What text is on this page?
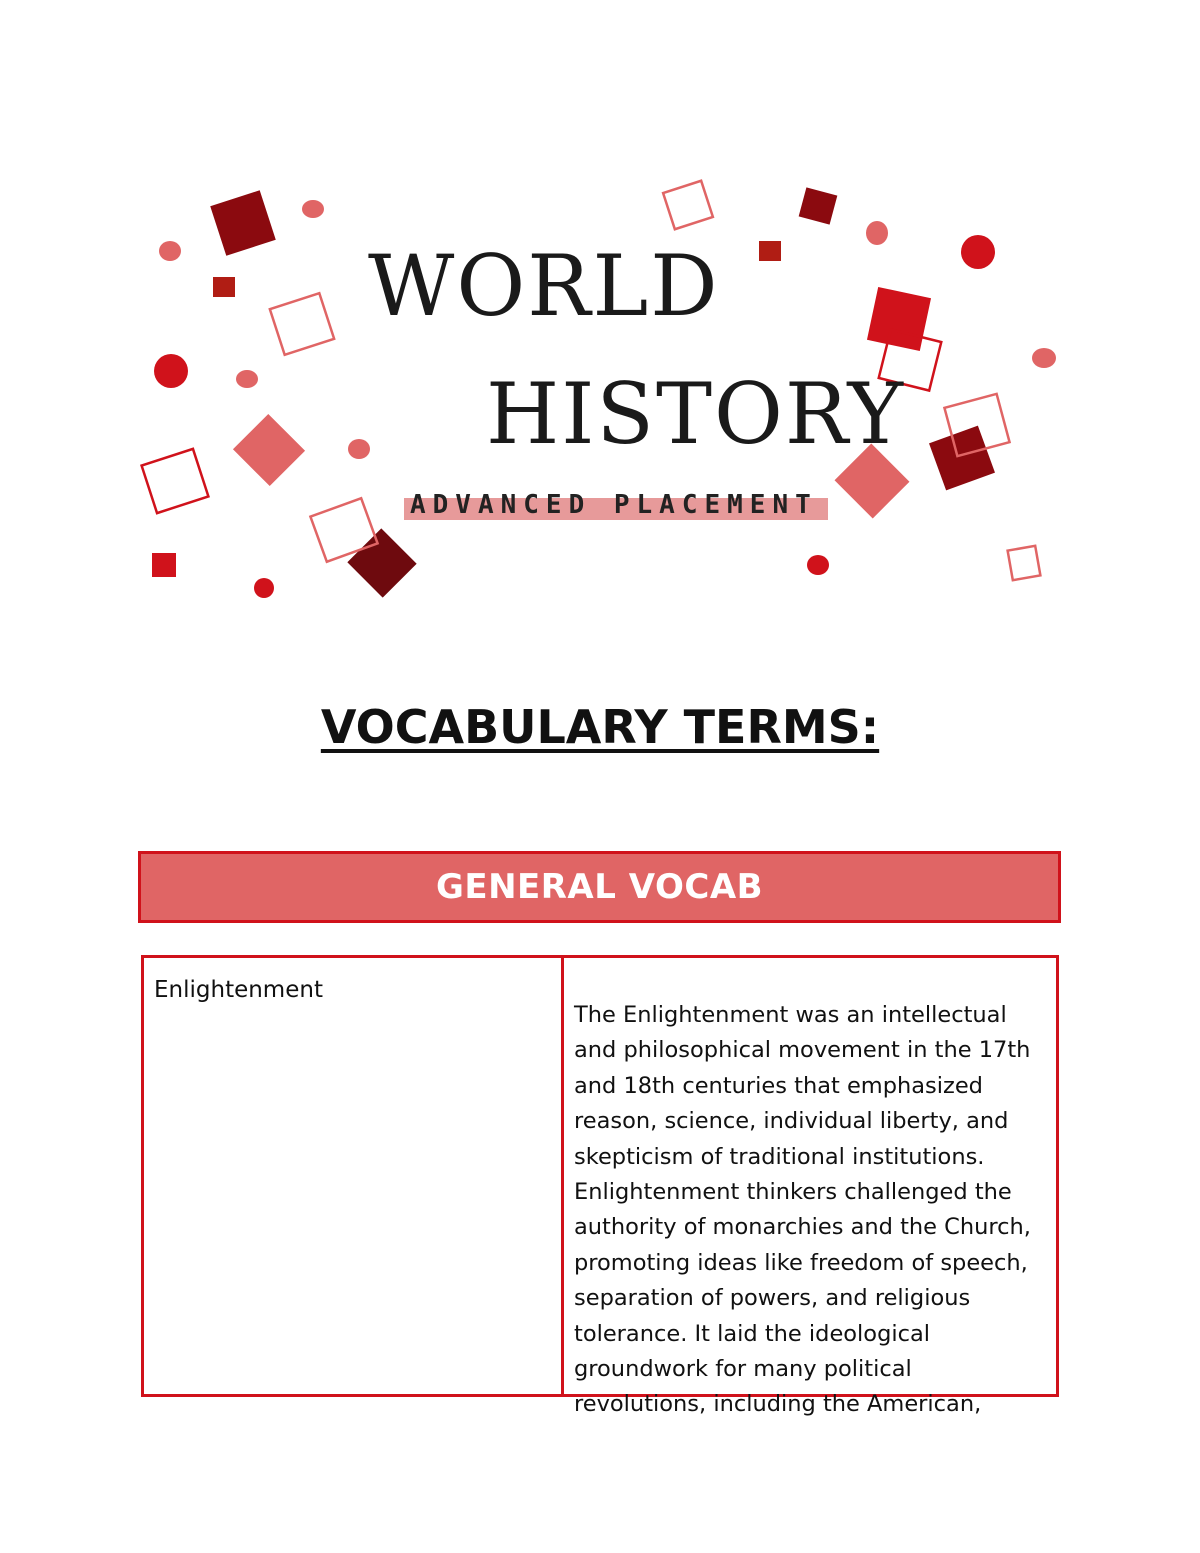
WORLD
HISTORY
ADVANCED PLACEMENT
VOCABULARY TERMS:
GENERAL VOCAB
Enlightenment
The Enlightenment was an intellectual and philosophical movement in the 17th and 18th centuries that emphasized reason, science, individual liberty, and skepticism of traditional institutions. Enlightenment thinkers challenged the authority of monarchies and the Church, promoting ideas like freedom of speech, separation of powers, and religious tolerance. It laid the ideological groundwork for many political revolutions, including the American,
